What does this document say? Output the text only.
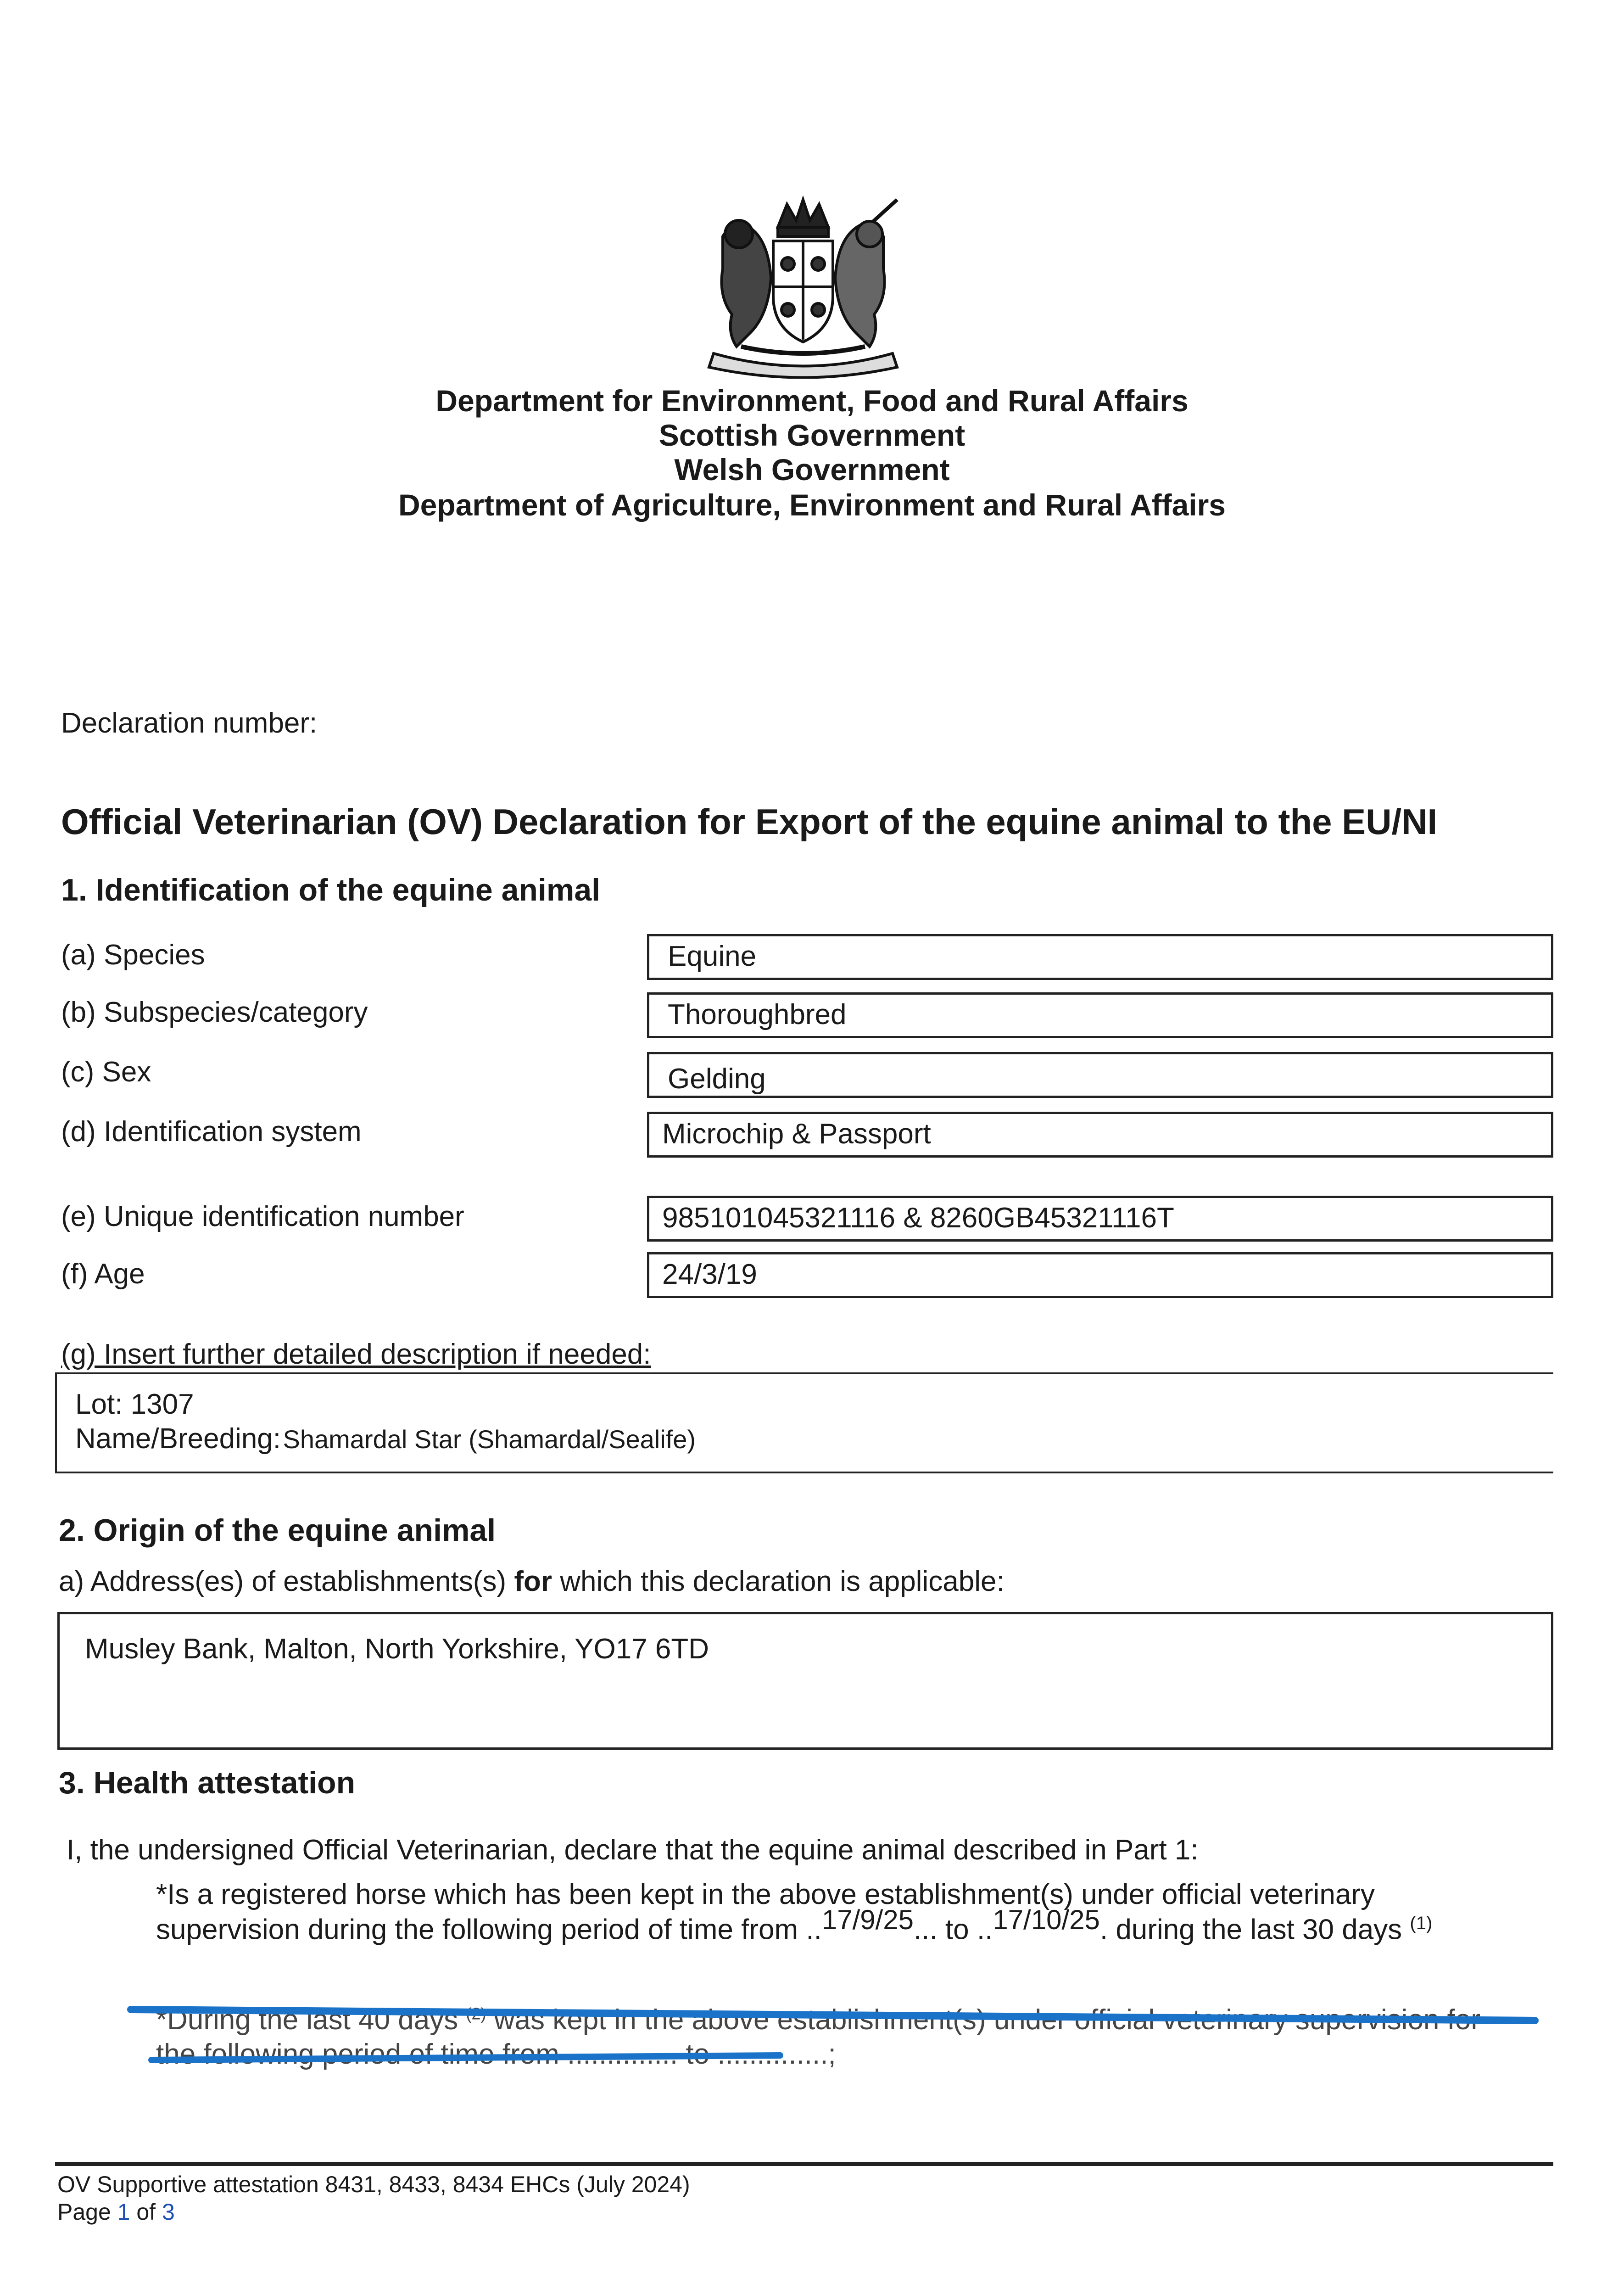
Department for Environment, Food and Rural Affairs
Scottish Government
Welsh Government
Department of Agriculture, Environment and Rural Affairs
Declaration number:
Official Veterinarian (OV) Declaration for Export of the equine animal to the EU/NI
1. Identification of the equine animal
(a) Species	Equine
(b) Subspecies/category	Thoroughbred
(c) Sex	Gelding
(d) Identification system	Microchip & Passport
(e) Unique identification number	985101045321116 & 8260GB45321116T
(f) Age	24/3/19
(g) Insert further detailed description if needed:
Lot: 1307
Name/Breeding: Shamardal Star (Shamardal/Sealife)
2. Origin of the equine animal
a) Address(es) of establishments(s) for which this declaration is applicable:
Musley Bank, Malton, North Yorkshire, YO17 6TD
3. Health attestation
I, the undersigned Official Veterinarian, declare that the equine animal described in Part 1:
*Is a registered horse which has been kept in the above establishment(s) under official veterinary
supervision during the following period of time from ..17/9/25... to ..17/10/25. during the last 30 days $^{(1)}$
*During the last 40 days $^{(2)}$ was kept in the above establishment(s) under official veterinary supervision for
the following period of time from .............. to ..............;
OV Supportive attestation 8431, 8433, 8434 EHCs (July 2024)
Page 1 of 3
